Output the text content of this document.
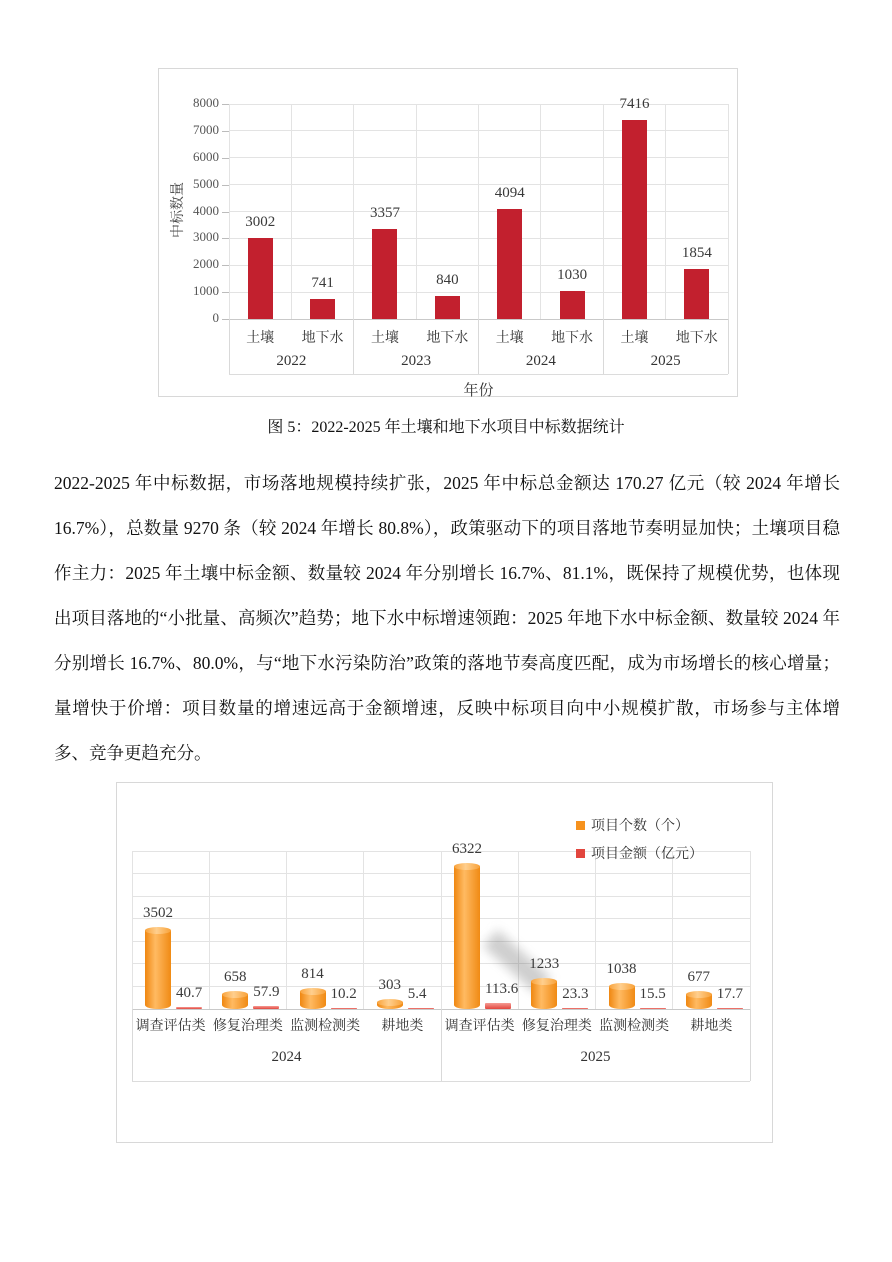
中标数量
0
1000
2000
3000
4000
5000
6000
7000
8000
3002
741
3357
840
4094
1030
7416
1854
土壤	地下水
2022
土壤	地下水
2023
土壤	地下水
2024
土壤	地下水
2025
年份
图 5：2022-2025 年土壤和地下水项目中标数据统计
2022-2025 年中标数据，市场落地规模持续扩张，2025 年中标总金额达 170.27 亿元（较 2024 年增长 16.7%），总数量 9270 条（较 2024 年增长 80.8%），政策驱动下的项目落地节奏明显加快；土壤项目稳作主力：2025 年土壤中标金额、数量较 2024 年分别增长 16.7%、81.1%，既保持了规模优势，也体现出项目落地的“小批量、高频次”趋势；地下水中标增速领跑：2025 年地下水中标金额、数量较 2024 年分别增长 16.7%、80.0%，与“地下水污染防治”政策的落地节奏高度匹配，成为市场增长的核心增量；量增快于价增：项目数量的增速远高于金额增速，反映中标项目向中小规模扩散，市场参与主体增多、竞争更趋充分。
3502
658	814
303
6322
1233	1038
677
40.7	57.9	10.2	5.4	113.6	23.3	15.5	17.7
调查评估类 修复治理类 监测检测类	耕地类
2024
调查评估类 修复治理类 监测检测类	耕地类
2025
项目个数（个）
项目金额（亿元）
